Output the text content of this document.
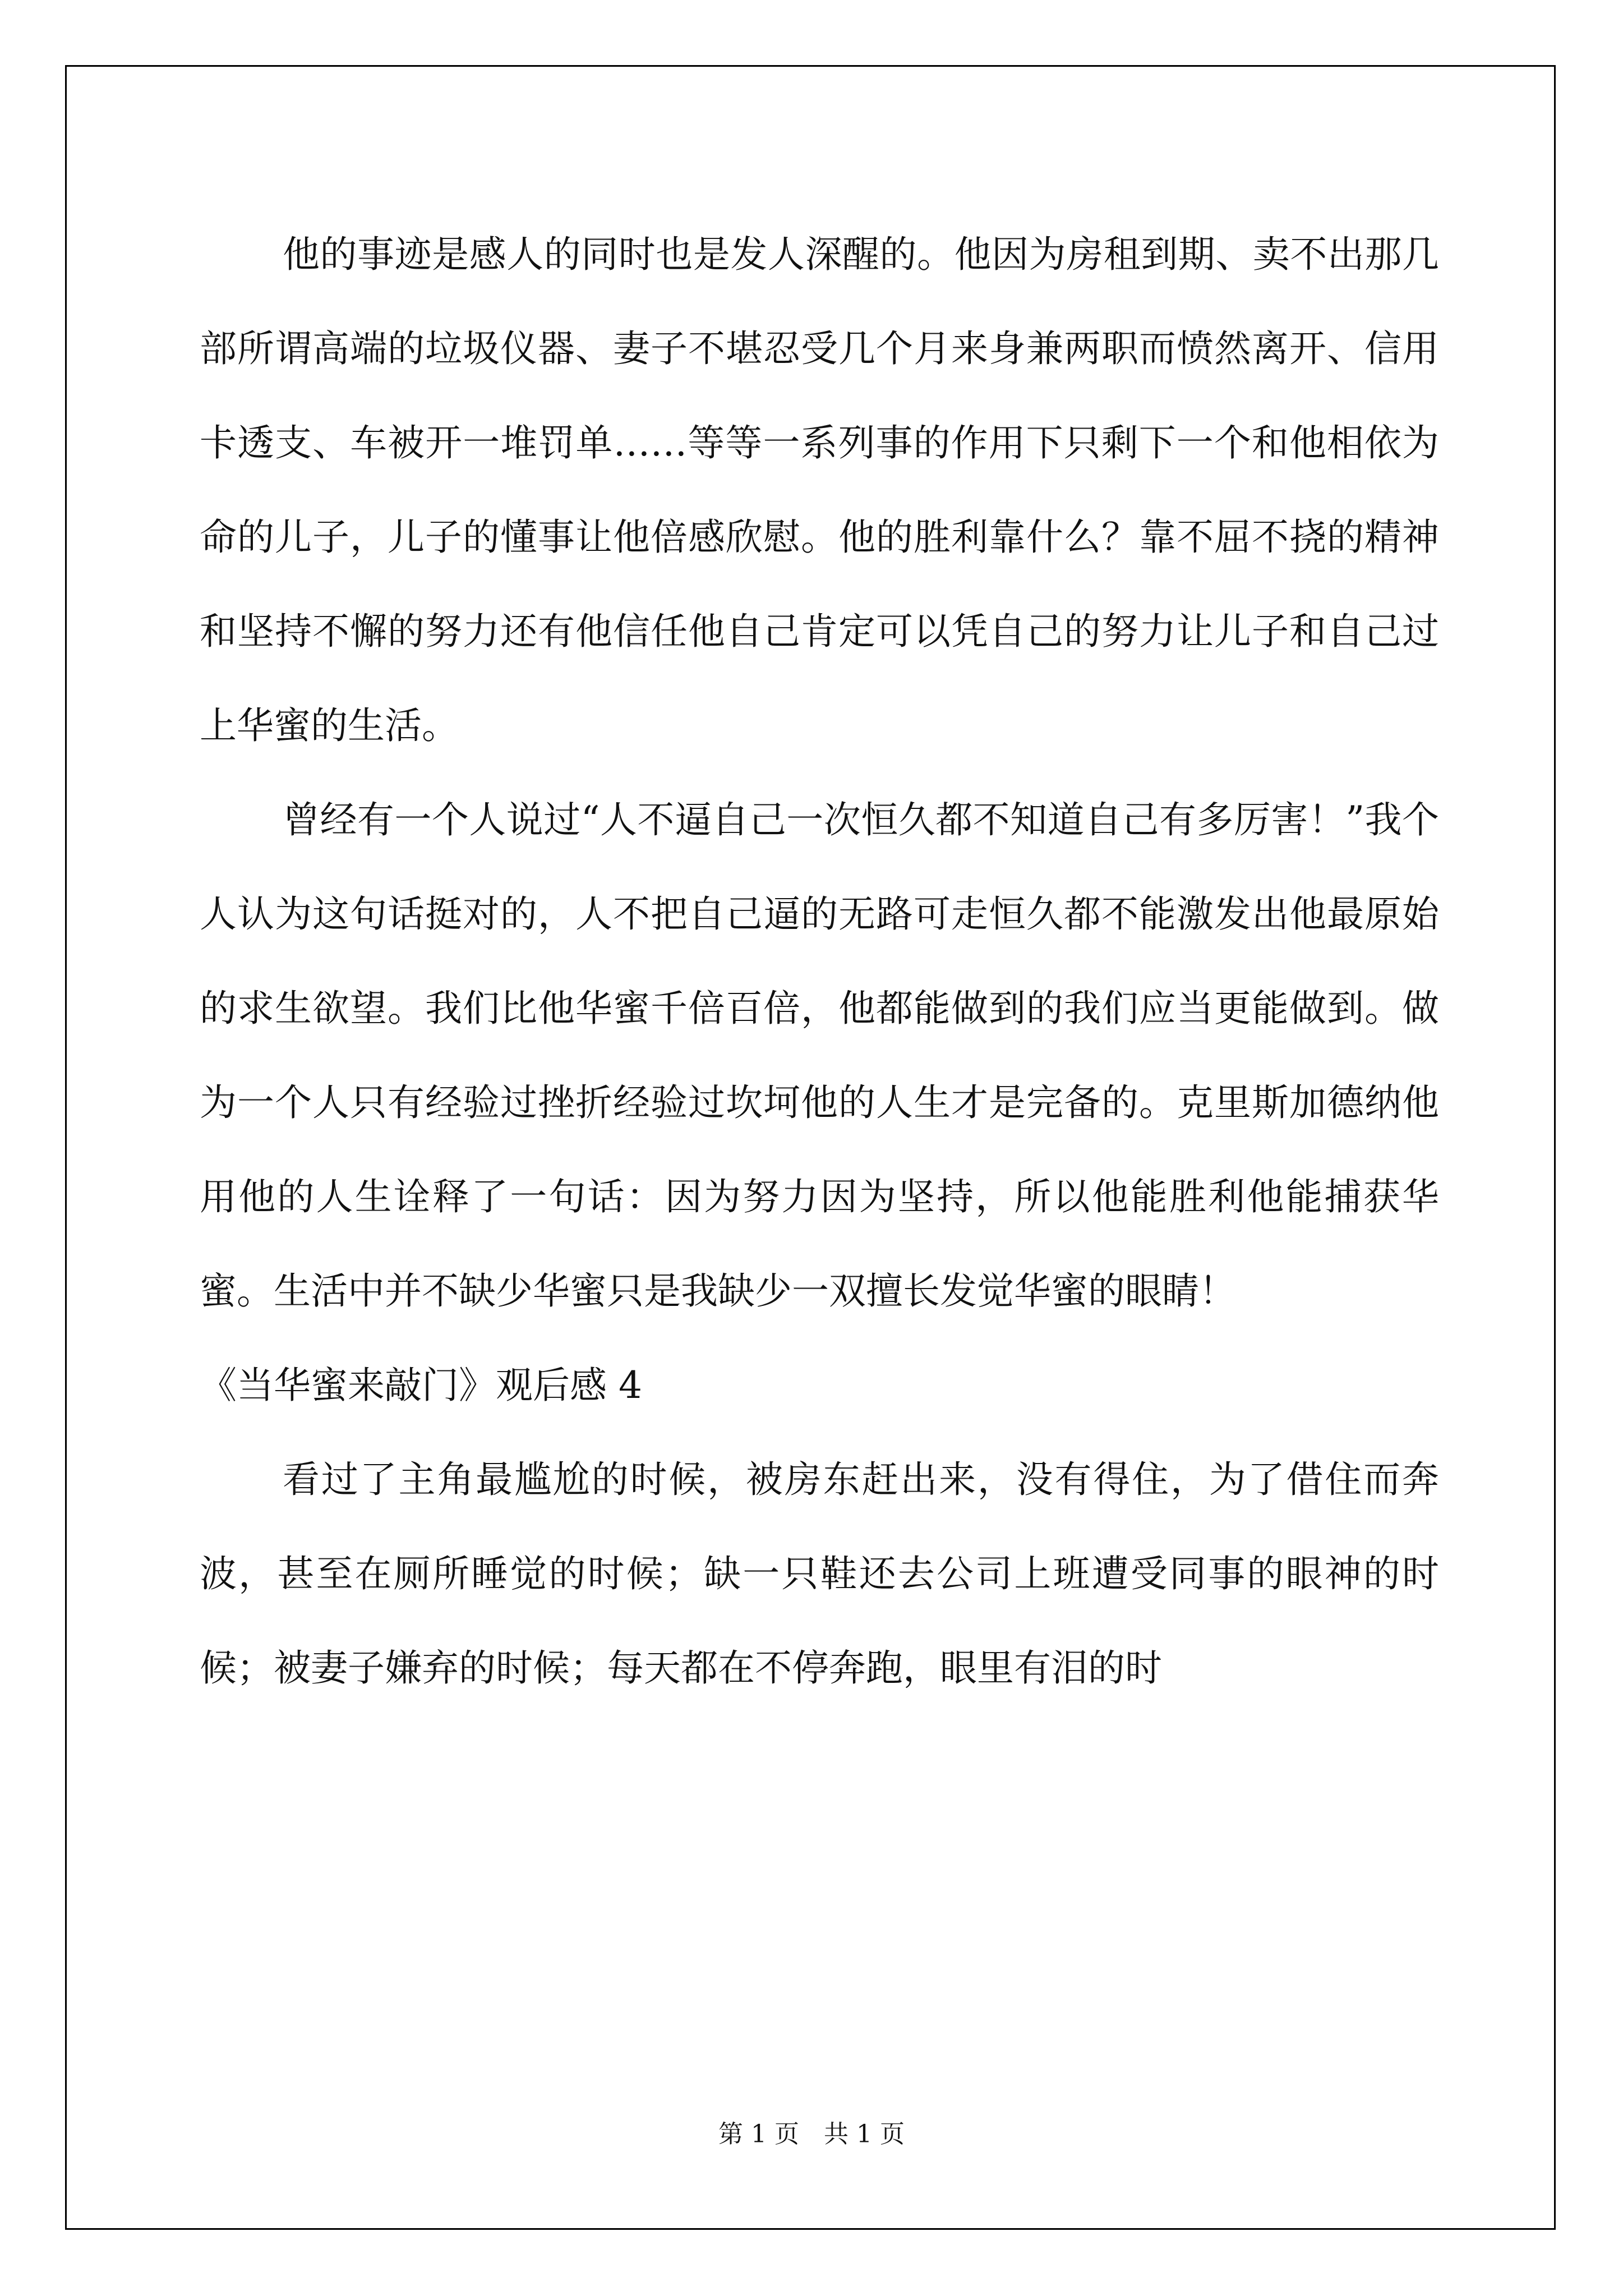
他的事迹是感人的同时也是发人深醒的。他因为房租到期、卖不出那几部所谓高端的垃圾仪器、妻子不堪忍受几个月来身兼两职而愤然离开、信用卡透支、车被开一堆罚单……等等一系列事的作用下只剩下一个和他相依为命的儿子，儿子的懂事让他倍感欣慰。他的胜利靠什么？靠不屈不挠的精神和坚持不懈的努力还有他信任他自己肯定可以凭自己的努力让儿子和自己过上华蜜的生活。

曾经有一个人说过“人不逼自己一次恒久都不知道自己有多厉害！”我个人认为这句话挺对的，人不把自己逼的无路可走恒久都不能激发出他最原始的求生欲望。我们比他华蜜千倍百倍，他都能做到的我们应当更能做到。做为一个人只有经验过挫折经验过坎坷他的人生才是完备的。克里斯加德纳他用他的人生诠释了一句话：因为努力因为坚持，所以他能胜利他能捕获华蜜。生活中并不缺少华蜜只是我缺少一双擅长发觉华蜜的眼睛！

《当华蜜来敲门》观后感 4

看过了主角最尴尬的时候，被房东赶出来，没有得住，为了借住而奔波，甚至在厕所睡觉的时候；缺一只鞋还去公司上班遭受同事的眼神的时候；被妻子嫌弃的时候；每天都在不停奔跑，眼里有泪的时

第 1 页　共 1 页
